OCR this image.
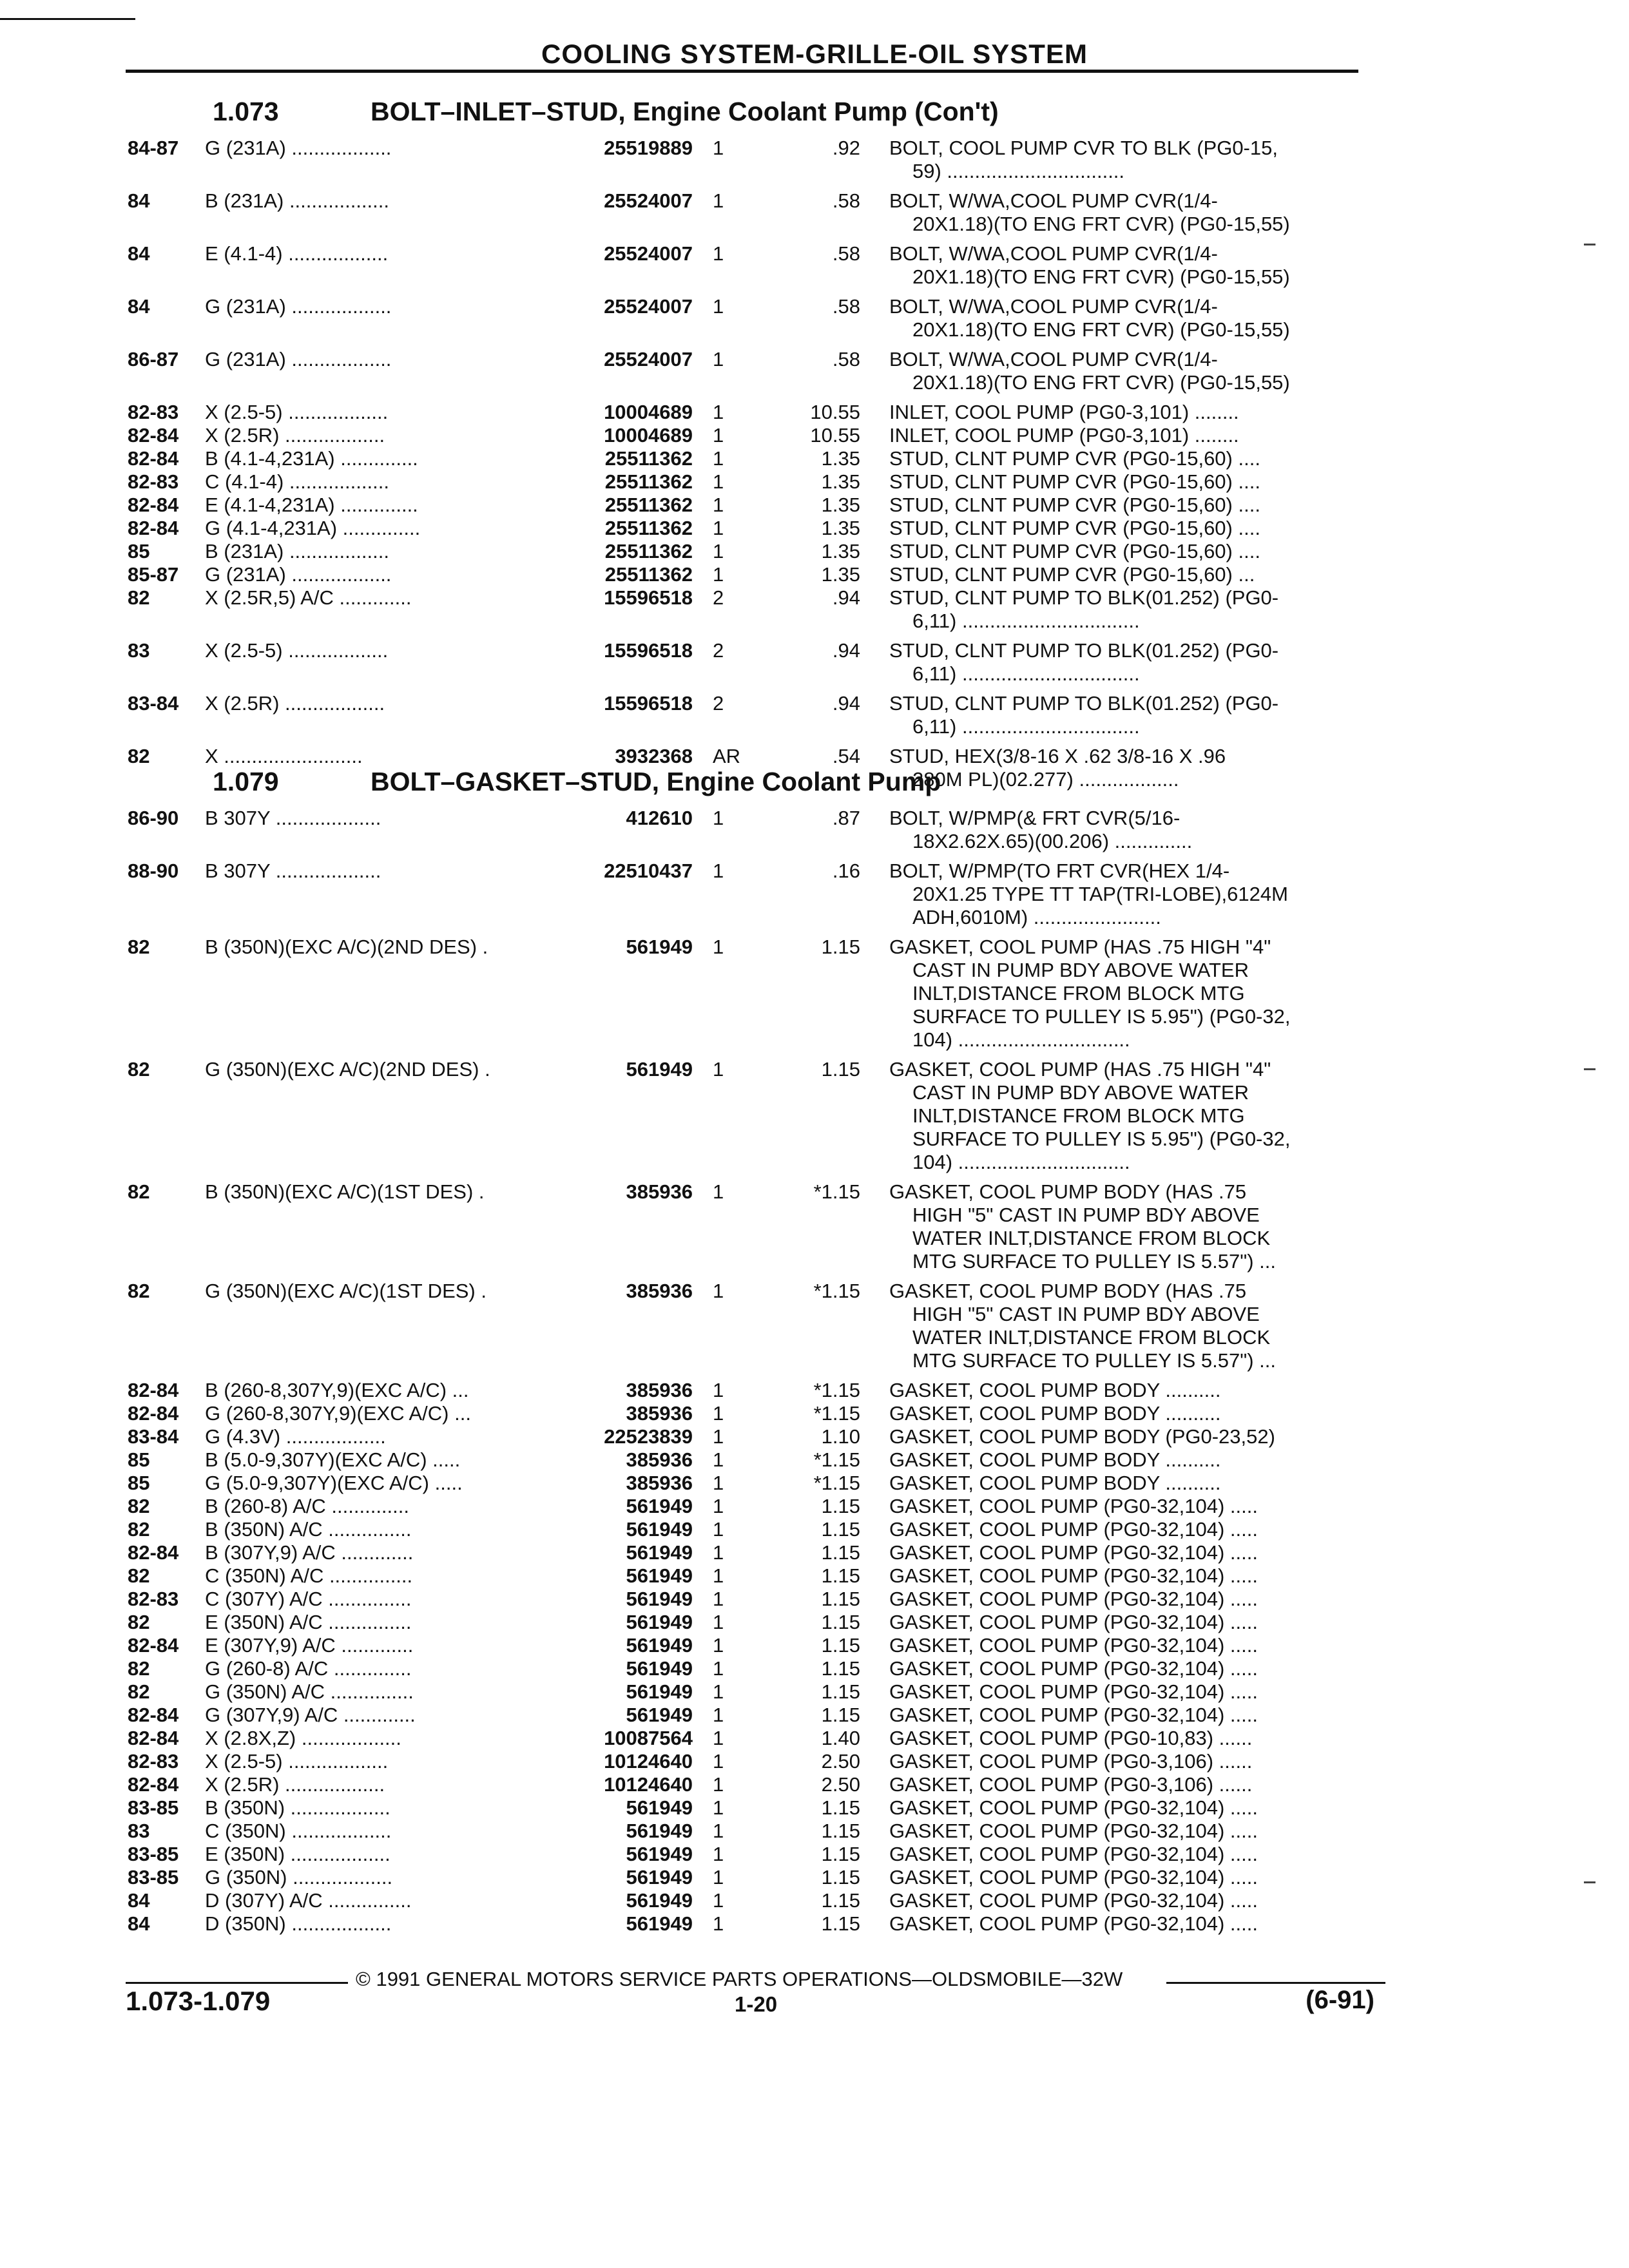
COOLING SYSTEM-GRILLE-OIL SYSTEM
1.073	BOLT–INLET–STUD, Engine Coolant Pump (Con't)
84-87 G (231A) ..................	25519889 1	.92 BOLT, COOL PUMP CVR TO BLK (PG0-15,
59) ................................
84	B (231A) ..................	25524007 1	.58 BOLT, W/WA,COOL PUMP CVR(1/4-
20X1.18)(TO ENG FRT CVR) (PG0-15,55)
84	E (4.1-4) ..................	25524007 1	.58 BOLT, W/WA,COOL PUMP CVR(1/4-
20X1.18)(TO ENG FRT CVR) (PG0-15,55)
84	G (231A) ..................	25524007 1	.58 BOLT, W/WA,COOL PUMP CVR(1/4-
20X1.18)(TO ENG FRT CVR) (PG0-15,55)
86-87 G (231A) ..................	25524007 1	.58 BOLT, W/WA,COOL PUMP CVR(1/4-
20X1.18)(TO ENG FRT CVR) (PG0-15,55)
82-83 X (2.5-5) ..................	10004689 1	10.55 INLET, COOL PUMP (PG0-3,101) ........
82-84 X (2.5R) ..................	10004689 1	10.55 INLET, COOL PUMP (PG0-3,101) ........
82-84 B (4.1-4,231A) ..............	25511362 1	1.35 STUD, CLNT PUMP CVR (PG0-15,60) ....
82-83 C (4.1-4) ..................	25511362 1	1.35 STUD, CLNT PUMP CVR (PG0-15,60) ....
82-84 E (4.1-4,231A) ..............	25511362 1	1.35 STUD, CLNT PUMP CVR (PG0-15,60) ....
82-84 G (4.1-4,231A) ..............	25511362 1	1.35 STUD, CLNT PUMP CVR (PG0-15,60) ....
85	B (231A) ..................	25511362 1	1.35 STUD, CLNT PUMP CVR (PG0-15,60) ....
85-87 G (231A) ..................	25511362 1	1.35 STUD, CLNT PUMP CVR (PG0-15,60) ...
82	X (2.5R,5) A/C .............	15596518 2	.94 STUD, CLNT PUMP TO BLK(01.252) (PG0-
6,11) ................................
83	X (2.5-5) ..................	15596518 2	.94 STUD, CLNT PUMP TO BLK(01.252) (PG0-
6,11) ................................
83-84 X (2.5R) ..................	15596518 2	.94 STUD, CLNT PUMP TO BLK(01.252) (PG0-
6,11) ................................
82	X .........................	3932368 AR	.54 STUD, HEX(3/8-16 X .62 3/8-16 X .96
280M PL)(02.277) ..................
1.079	BOLT–GASKET–STUD, Engine Coolant Pump
86-90 B 307Y ...................	412610 1	.87 BOLT, W/PMP(& FRT CVR(5/16-
18X2.62X.65)(00.206) ..............
88-90 B 307Y ...................	22510437 1	.16 BOLT, W/PMP(TO FRT CVR(HEX 1/4-
20X1.25 TYPE TT TAP(TRI-LOBE),6124M
ADH,6010M) .......................
82	B (350N)(EXC A/C)(2ND DES) .	561949 1	1.15 GASKET, COOL PUMP (HAS .75 HIGH "4"
CAST IN PUMP BDY ABOVE WATER
INLT,DISTANCE FROM BLOCK MTG
SURFACE TO PULLEY IS 5.95") (PG0-32,
104) ...............................
82	G (350N)(EXC A/C)(2ND DES) .	561949 1	1.15 GASKET, COOL PUMP (HAS .75 HIGH "4"
CAST IN PUMP BDY ABOVE WATER
INLT,DISTANCE FROM BLOCK MTG
SURFACE TO PULLEY IS 5.95") (PG0-32,
104) ...............................
82	B (350N)(EXC A/C)(1ST DES) .	385936 1	*1.15 GASKET, COOL PUMP BODY (HAS .75
HIGH "5" CAST IN PUMP BDY ABOVE
WATER INLT,DISTANCE FROM BLOCK
MTG SURFACE TO PULLEY IS 5.57") ...
82	G (350N)(EXC A/C)(1ST DES) .	385936 1	*1.15 GASKET, COOL PUMP BODY (HAS .75
HIGH "5" CAST IN PUMP BDY ABOVE
WATER INLT,DISTANCE FROM BLOCK
MTG SURFACE TO PULLEY IS 5.57") ...
82-84 B (260-8,307Y,9)(EXC A/C) ...	385936 1	*1.15 GASKET, COOL PUMP BODY ..........
82-84 G (260-8,307Y,9)(EXC A/C) ...	385936 1	*1.15 GASKET, COOL PUMP BODY ..........
83-84 G (4.3V) ..................	22523839 1	1.10 GASKET, COOL PUMP BODY (PG0-23,52)
85	B (5.0-9,307Y)(EXC A/C) .....	385936 1	*1.15 GASKET, COOL PUMP BODY ..........
85	G (5.0-9,307Y)(EXC A/C) .....	385936 1	*1.15 GASKET, COOL PUMP BODY ..........
82	B (260-8) A/C ..............	561949 1	1.15 GASKET, COOL PUMP (PG0-32,104) .....
82	B (350N) A/C ...............	561949 1	1.15 GASKET, COOL PUMP (PG0-32,104) .....
82-84 B (307Y,9) A/C .............	561949 1	1.15 GASKET, COOL PUMP (PG0-32,104) .....
82	C (350N) A/C ...............	561949 1	1.15 GASKET, COOL PUMP (PG0-32,104) .....
82-83 C (307Y) A/C ...............	561949 1	1.15 GASKET, COOL PUMP (PG0-32,104) .....
82	E (350N) A/C ...............	561949 1	1.15 GASKET, COOL PUMP (PG0-32,104) .....
82-84 E (307Y,9) A/C .............	561949 1	1.15 GASKET, COOL PUMP (PG0-32,104) .....
82	G (260-8) A/C ..............	561949 1	1.15 GASKET, COOL PUMP (PG0-32,104) .....
82	G (350N) A/C ...............	561949 1	1.15 GASKET, COOL PUMP (PG0-32,104) .....
82-84 G (307Y,9) A/C .............	561949 1	1.15 GASKET, COOL PUMP (PG0-32,104) .....
82-84 X (2.8X,Z) ..................	10087564 1	1.40 GASKET, COOL PUMP (PG0-10,83) ......
82-83 X (2.5-5) ..................	10124640 1	2.50 GASKET, COOL PUMP (PG0-3,106) ......
82-84 X (2.5R) ..................	10124640 1	2.50 GASKET, COOL PUMP (PG0-3,106) ......
83-85 B (350N) ..................	561949 1	1.15 GASKET, COOL PUMP (PG0-32,104) .....
83	C (350N) ..................	561949 1	1.15 GASKET, COOL PUMP (PG0-32,104) .....
83-85 E (350N) ..................	561949 1	1.15 GASKET, COOL PUMP (PG0-32,104) .....
83-85 G (350N) ..................	561949 1	1.15 GASKET, COOL PUMP (PG0-32,104) .....
84	D (307Y) A/C ...............	561949 1	1.15 GASKET, COOL PUMP (PG0-32,104) .....
84	D (350N) ..................	561949 1	1.15 GASKET, COOL PUMP (PG0-32,104) .....
© 1991 GENERAL MOTORS SERVICE PARTS OPERATIONS—OLDSMOBILE—32W
1.073-1.079	1-20	(6-91)
